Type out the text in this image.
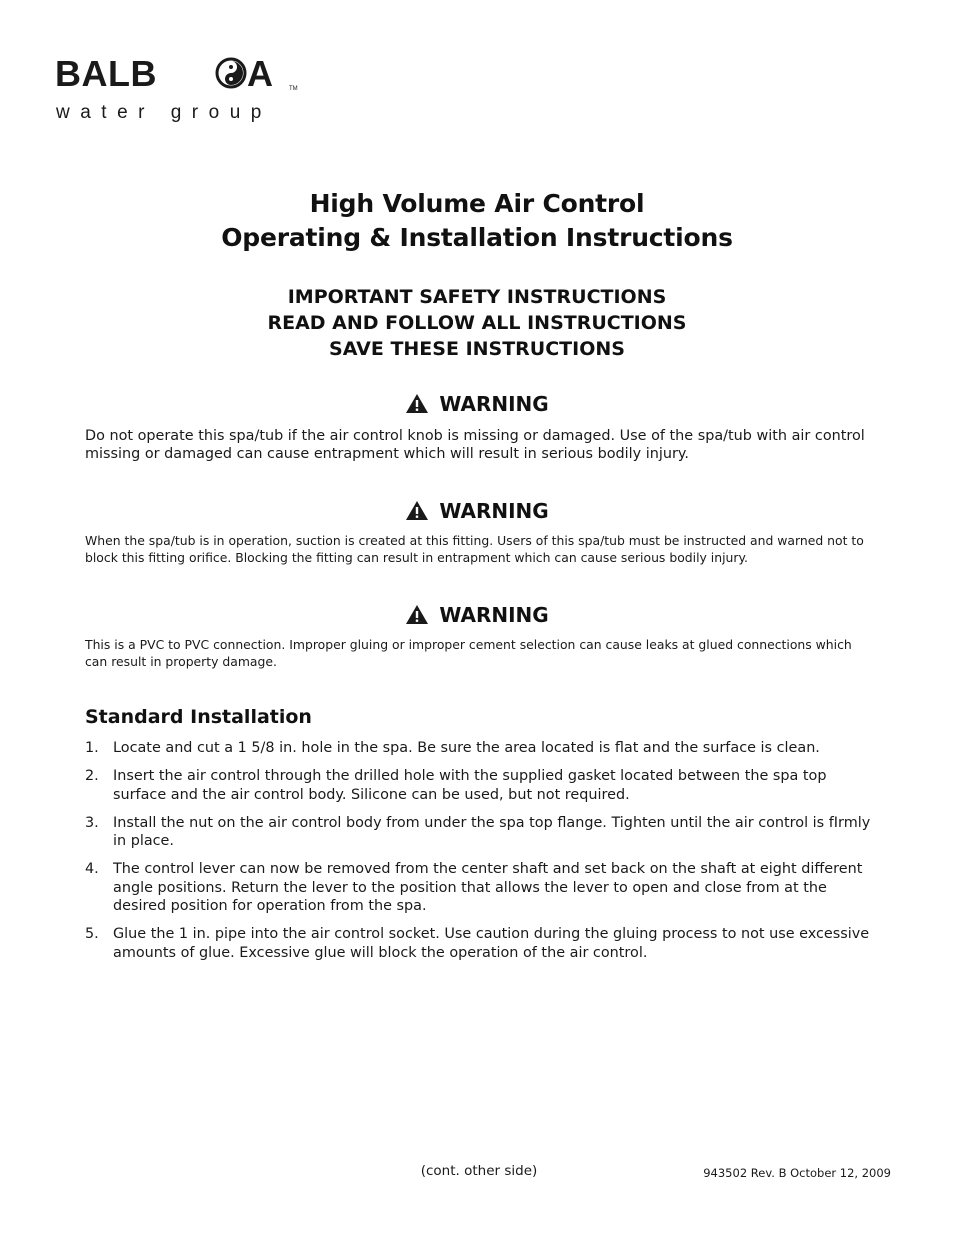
BALB	A	TM
water group
High Volume Air Control
Operating & Installation Instructions
IMPORTANT SAFETY INSTRUCTIONS
READ AND FOLLOW ALL INSTRUCTIONS
SAVE THESE INSTRUCTIONS
WARNING
Do not operate this spa/tub if the air control knob is missing or damaged. Use of the spa/tub with air control missing or damaged can cause entrapment which will result in serious bodily injury.
WARNING
When the spa/tub is in operation, suction is created at this fitting. Users of this spa/tub must be instructed and warned not to block this fitting orifice. Blocking the fitting can result in entrapment which can cause serious bodily injury.
WARNING
This is a PVC to PVC connection. Improper gluing or improper cement selection can cause leaks at glued connections which can result in property damage.
Standard Installation
1. Locate and cut a 1 5/8 in. hole in the spa. Be sure the area located is flat and the surface is clean.
2. Insert the air control through the drilled hole with the supplied gasket located between the spa top surface and the air control body. Silicone can be used, but not required.
3. Install the nut on the air control body from under the spa top flange. Tighten until the air control is fIrmly in place.
4. The control lever can now be removed from the center shaft and set back on the shaft at eight different angle positions. Return the lever to the position that allows the lever to open and close from at the desired position for operation from the spa.
5. Glue the 1 in. pipe into the air control socket. Use caution during the gluing process to not use excessive amounts of glue. Excessive glue will block the operation of the air control.
(cont. other side)	943502 Rev. B October 12, 2009
